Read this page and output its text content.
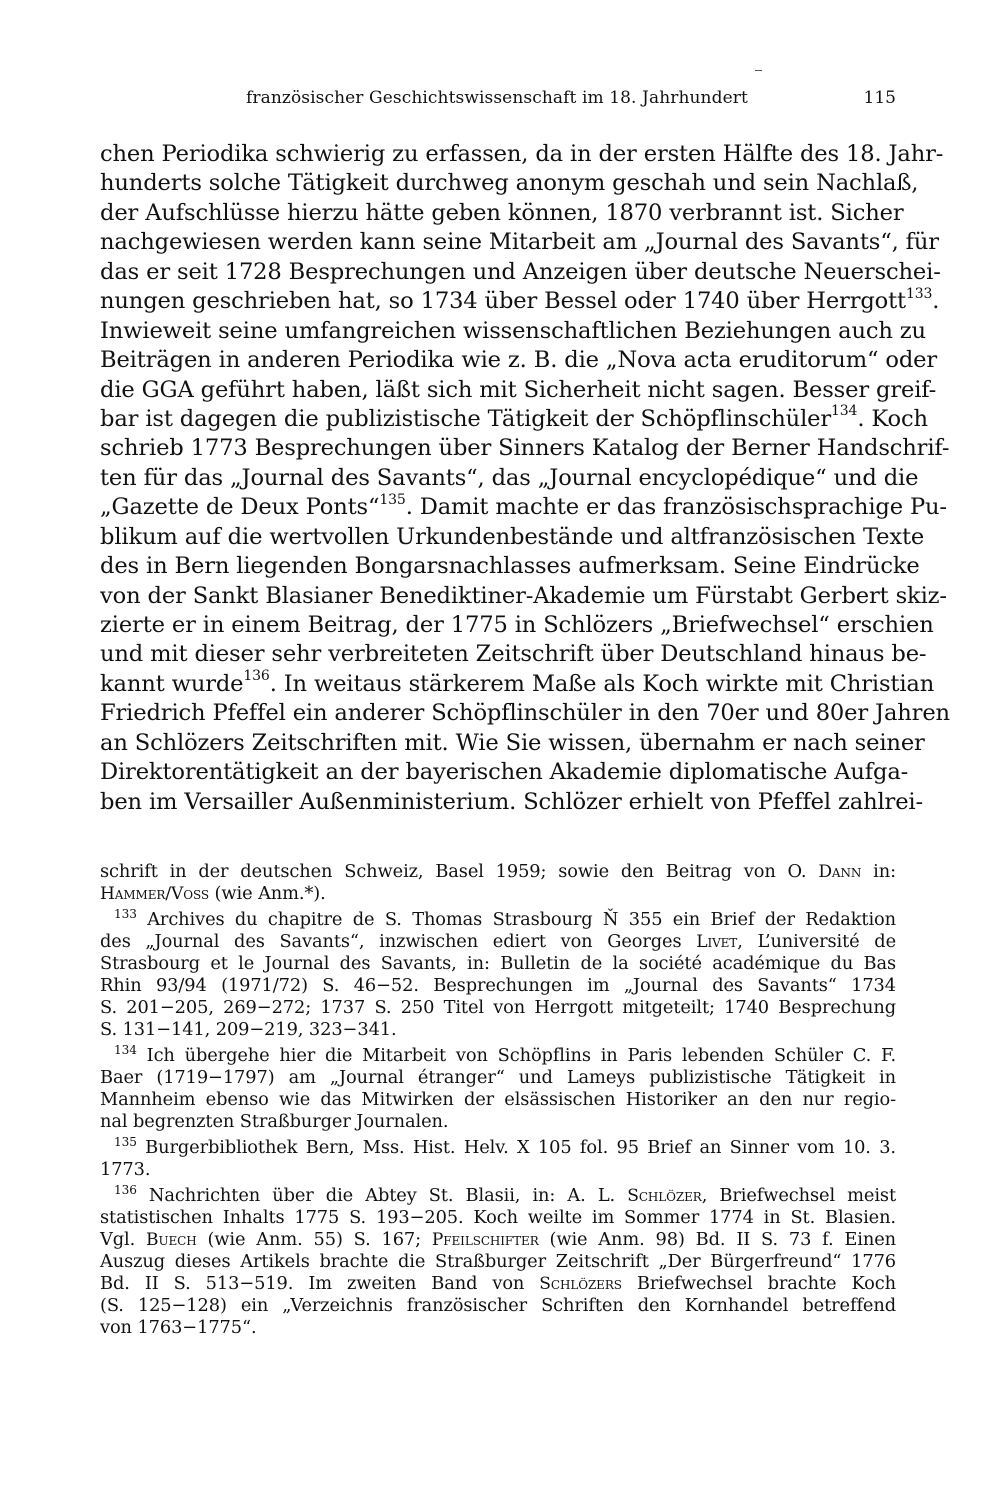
französischer Geschichtswissenschaft im 18. Jahrhundert	115
chen Periodika schwierig zu erfassen, da in der ersten Hälfte des 18. Jahr-
hunderts solche Tätigkeit durchweg anonym geschah und sein Nachlaß,
der Aufschlüsse hierzu hätte geben können, 1870 verbrannt ist. Sicher
nachgewiesen werden kann seine Mitarbeit am „Journal des Savants“, für
das er seit 1728 Besprechungen und Anzeigen über deutsche Neuerschei-
nungen geschrieben hat, so 1734 über Bessel oder 1740 über Herrgott$^{133}$.
Inwieweit seine umfangreichen wissenschaftlichen Beziehungen auch zu
Beiträgen in anderen Periodika wie z. B. die „Nova acta eruditorum“ oder
die GGA geführt haben, läßt sich mit Sicherheit nicht sagen. Besser greif-
bar ist dagegen die publizistische Tätigkeit der Schöpflinschüler$^{134}$. Koch
schrieb 1773 Besprechungen über Sinners Katalog der Berner Handschrif-
ten für das „Journal des Savants“, das „Journal encyclopédique“ und die
„Gazette de Deux Ponts“$^{135}$. Damit machte er das französischsprachige Pu-
blikum auf die wertvollen Urkundenbestände und altfranzösischen Texte
des in Bern liegenden Bongarsnachlasses aufmerksam. Seine Eindrücke
von der Sankt Blasianer Benediktiner-Akademie um Fürstabt Gerbert skiz-
zierte er in einem Beitrag, der 1775 in Schlözers „Briefwechsel“ erschien
und mit dieser sehr verbreiteten Zeitschrift über Deutschland hinaus be-
kannt wurde$^{136}$. In weitaus stärkerem Maße als Koch wirkte mit Christian
Friedrich Pfeffel ein anderer Schöpflinschüler in den 70er und 80er Jahren
an Schlözers Zeitschriften mit. Wie Sie wissen, übernahm er nach seiner
Direktorentätigkeit an der bayerischen Akademie diplomatische Aufga-
ben im Versailler Außenministerium. Schlözer erhielt von Pfeffel zahlrei-
schrift in der deutschen Schweiz, Basel 1959; sowie den Beitrag von O. Dann in:
Hammer/Voss (wie Anm.*).
$^{133}$ Archives du chapitre de S. Thomas Strasbourg Ň 355 ein Brief der Redaktion
des „Journal des Savants“, inzwischen ediert von Georges Livet, L’université de
Strasbourg et le Journal des Savants, in: Bulletin de la société académique du Bas
Rhin 93/94 (1971/72) S. 46−52. Besprechungen im „Journal des Savants“ 1734
S. 201−205, 269−272; 1737 S. 250 Titel von Herrgott mitgeteilt; 1740 Besprechung
S. 131−141, 209−219, 323−341.
$^{134}$ Ich übergehe hier die Mitarbeit von Schöpflins in Paris lebenden Schüler C. F.
Baer (1719−1797) am „Journal étranger“ und Lameys publizistische Tätigkeit in
Mannheim ebenso wie das Mitwirken der elsässischen Historiker an den nur regio-
nal begrenzten Straßburger Journalen.
$^{135}$ Burgerbibliothek Bern, Mss. Hist. Helv. X 105 fol. 95 Brief an Sinner vom 10. 3.
1773.
$^{136}$ Nachrichten über die Abtey St. Blasii, in: A. L. Schlözer, Briefwechsel meist
statistischen Inhalts 1775 S. 193−205. Koch weilte im Sommer 1774 in St. Blasien.
Vgl. Buech (wie Anm. 55) S. 167; Pfeilschifter (wie Anm. 98) Bd. II S. 73 f. Einen
Auszug dieses Artikels brachte die Straßburger Zeitschrift „Der Bürgerfreund“ 1776
Bd. II S. 513−519. Im zweiten Band von Schlözers Briefwechsel brachte Koch
(S. 125−128) ein „Verzeichnis französischer Schriften den Kornhandel betreffend
von 1763−1775“.
